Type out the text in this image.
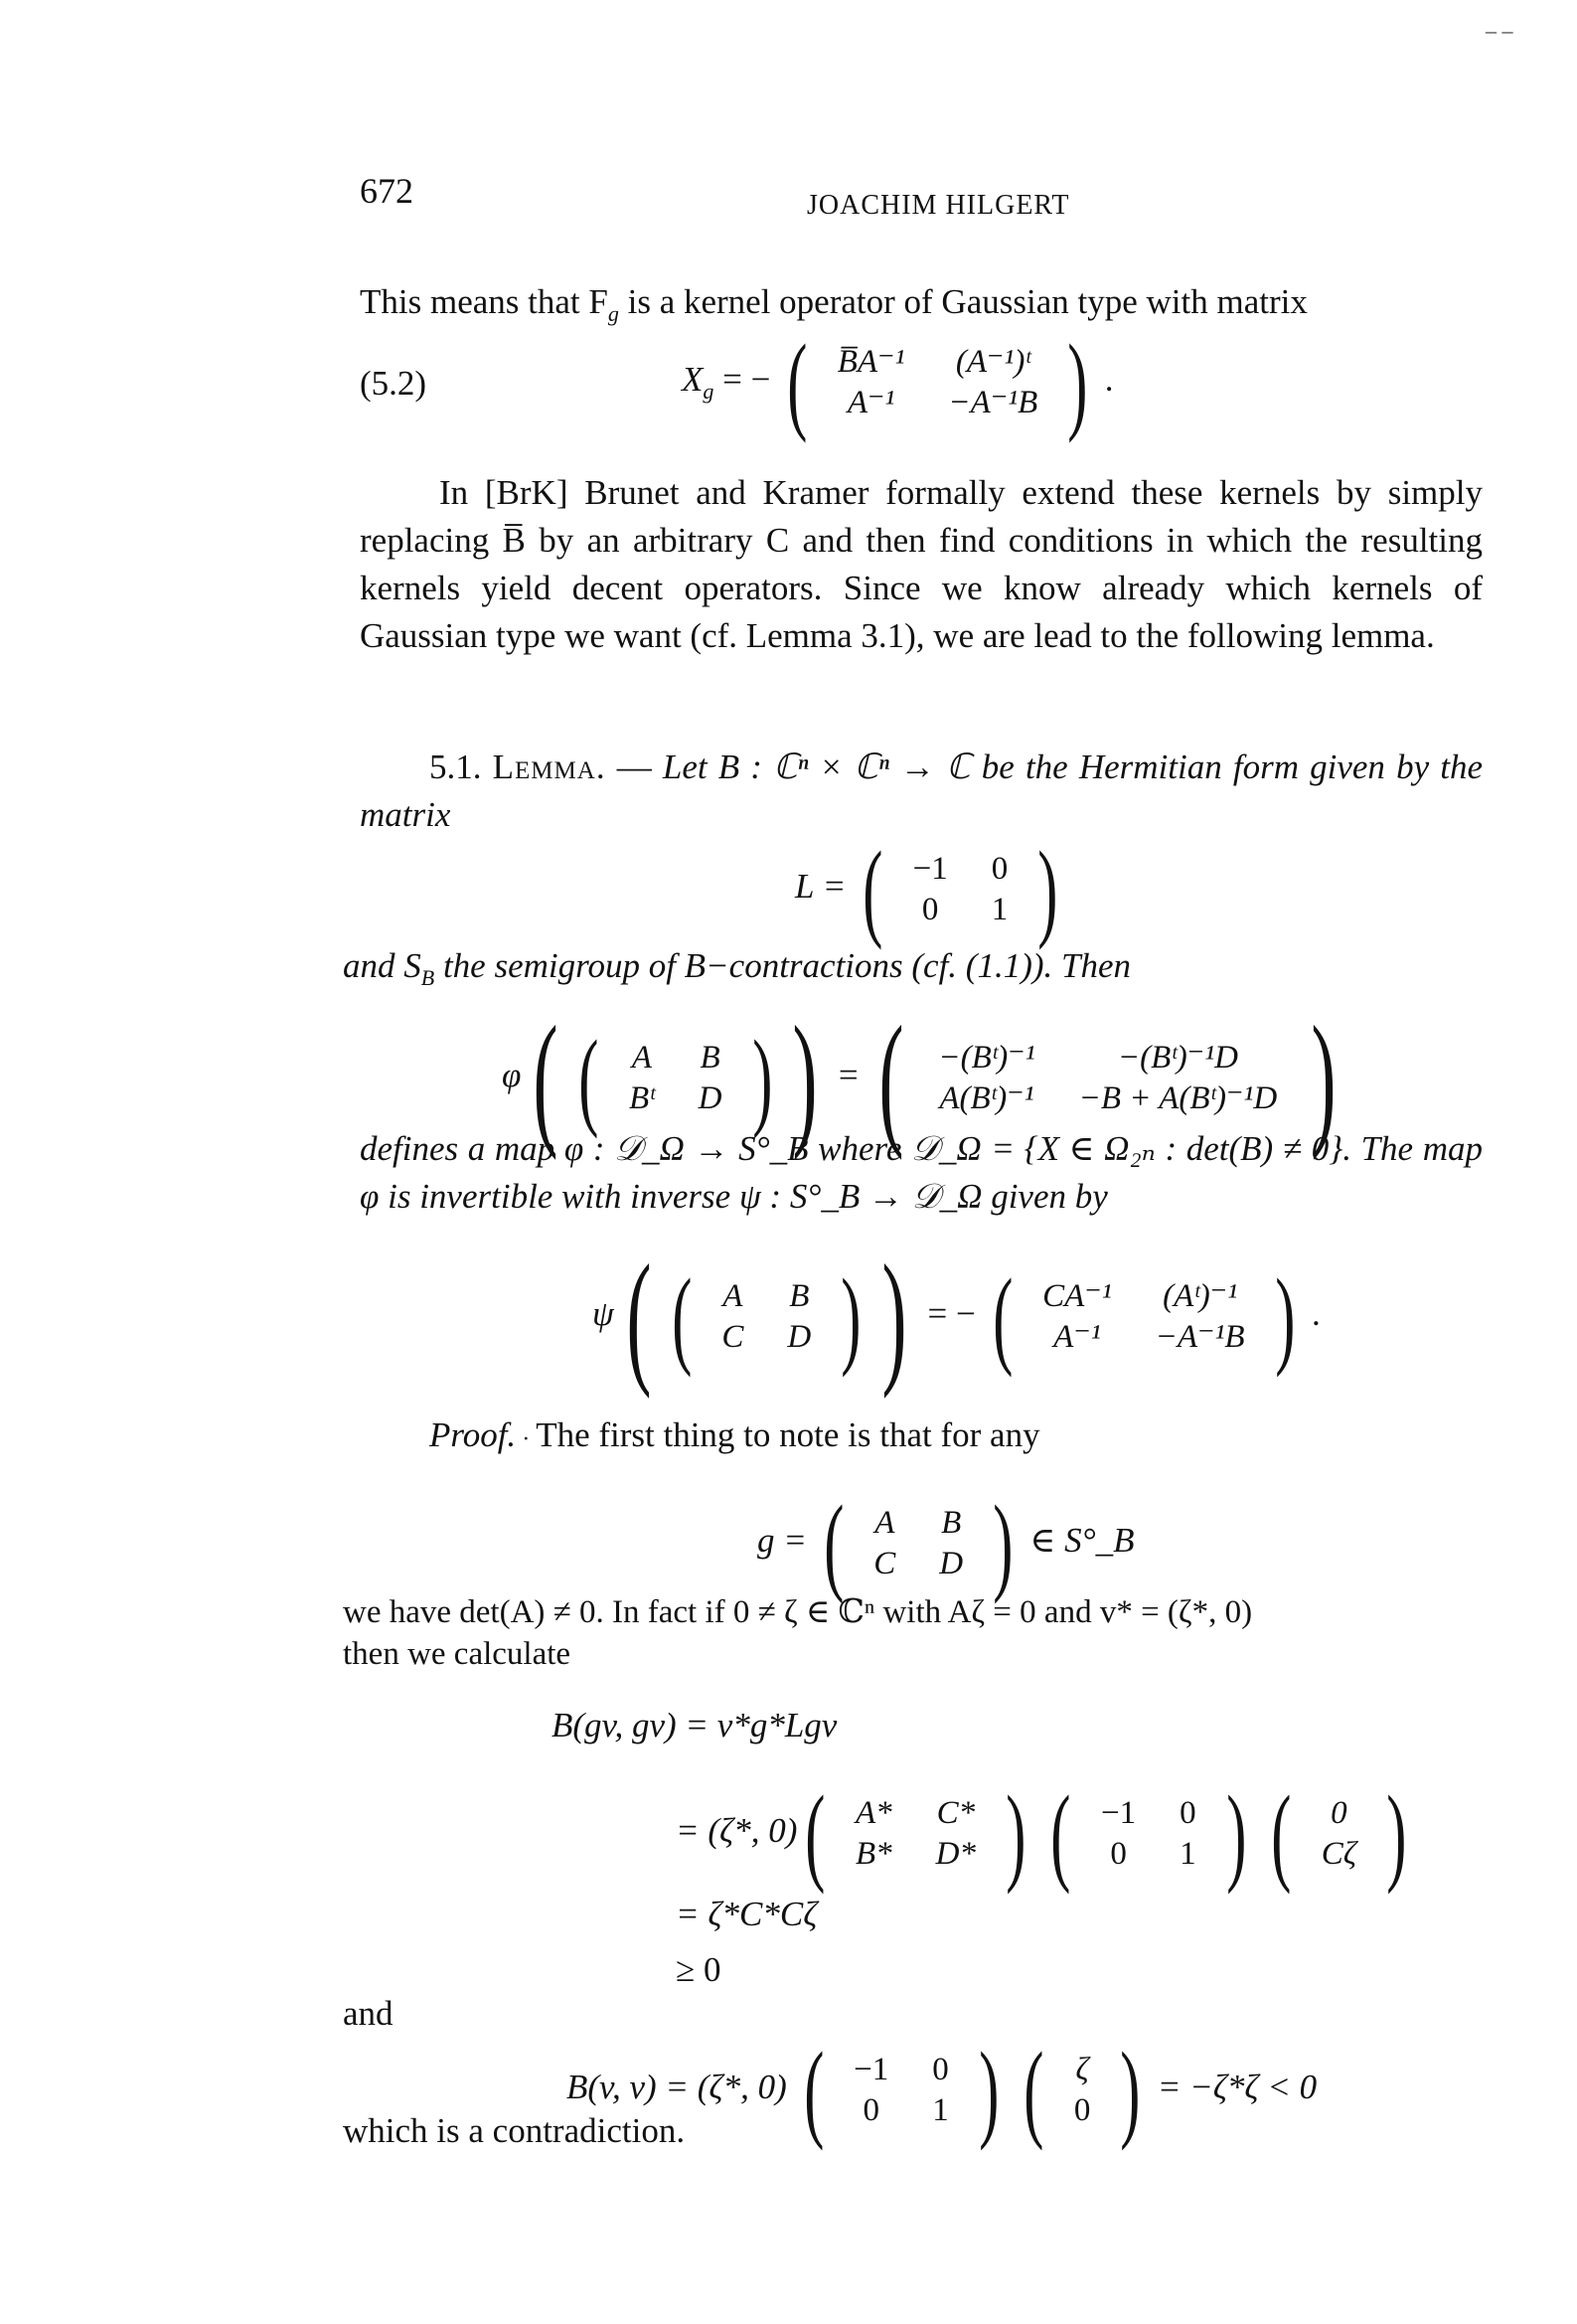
– –
672	JOACHIM HILGERT
This means that $F_g$ is a kernel operator of Gaussian type with matrix
(5.2)	$X_g$ = − ( B̅A⁻¹	(A⁻¹)ᵗ
A⁻¹	−A⁻¹B ) .
In [BrK] Brunet and Kramer formally extend these kernels by simply replacing B̅ by an arbitrary C and then find conditions in which the resulting kernels yield decent operators. Since we know already which kernels of Gaussian type we want (cf. Lemma 3.1), we are lead to the following lemma.
5.1. Lemma. — Let B : ℂⁿ × ℂⁿ → ℂ be the Hermitian form given by the matrix
L = ( −1	0
0	1 )
and $S_B$ the semigroup of B−contractions (cf. (1.1)). Then
φ( ( A	B
Bᵗ	D ) ) = ( −(Bᵗ)⁻¹	−(Bᵗ)⁻¹D
A(Bᵗ)⁻¹	−B + A(Bᵗ)⁻¹D )
defines a map φ : 𝒟_Ω → S°_B where 𝒟_Ω = {X ∈ Ω₂ₙ : det(B) ≠ 0}. The map φ is invertible with inverse ψ : S°_B → 𝒟_Ω given by
ψ( ( A	B
C	D ) ) = − ( CA⁻¹	(Aᵗ)⁻¹
A⁻¹	−A⁻¹B ) .
Proof. · The first thing to note is that for any
g = ( A	B
C	D ) ∈ S°_B
we have det(A) ≠ 0. In fact if 0 ≠ ζ ∈ ℂⁿ with Aζ = 0 and v* = (ζ*, 0)
then we calculate
B(gv, gv) = v*g*Lgv
= (ζ*, 0)( A*	C*
B*	D* ) ( −1	0
0	1 ) ( 0
Cζ )
= ζ*C*Cζ
≥ 0
and
B(v, v) = (ζ*, 0) ( −1	0
0	1 ) ( ζ
0 ) = −ζ*ζ < 0
which is a contradiction.
